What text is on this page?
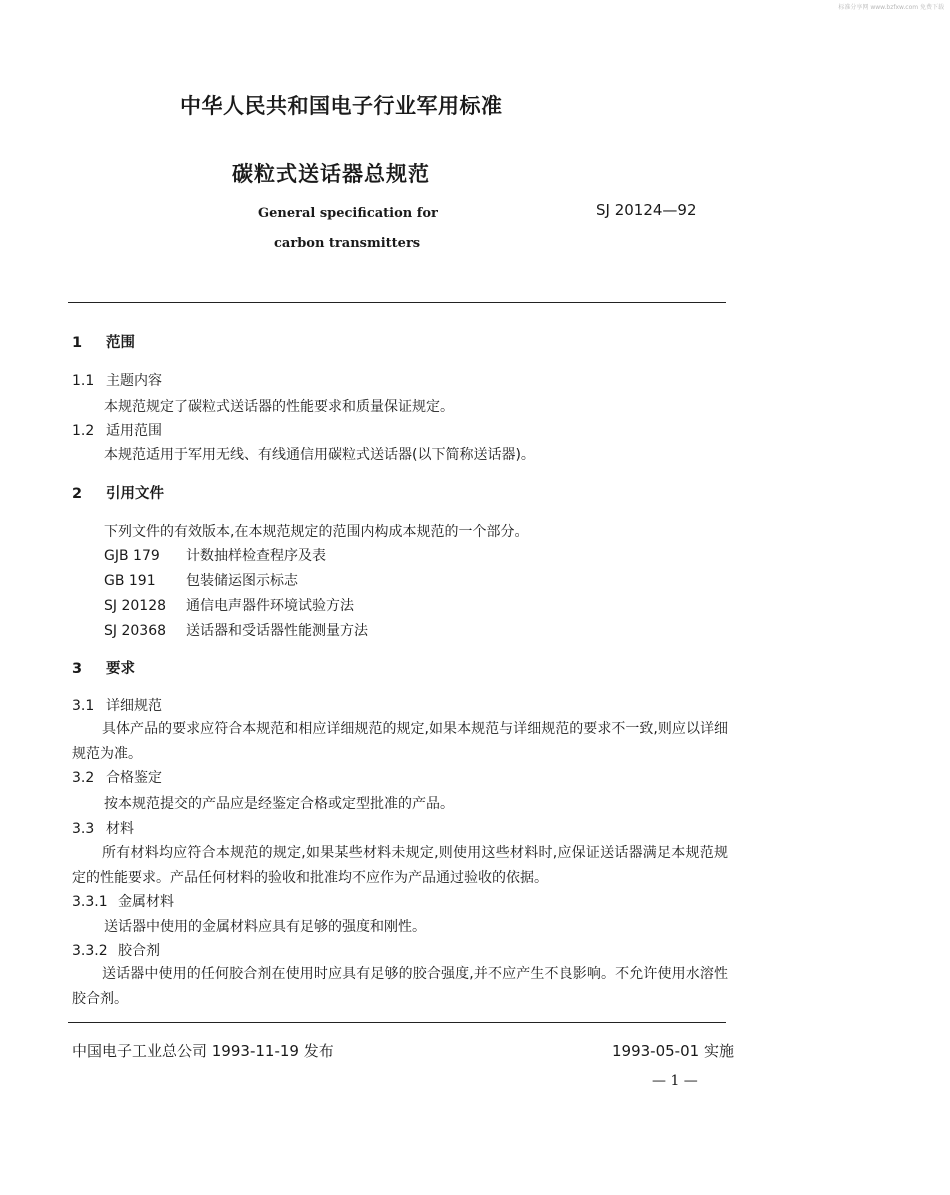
标准分享网 www.bzfxw.com 免费下载
中华人民共和国电子行业军用标准
碳粒式送话器总规范
General specification for
carbon transmitters
SJ 20124—92
1 范围
1.1 主题内容
本规范规定了碳粒式送话器的性能要求和质量保证规定。
1.2 适用范围
本规范适用于军用无线、有线通信用碳粒式送话器(以下简称送话器)。
2 引用文件
下列文件的有效版本,在本规范规定的范围内构成本规范的一个部分。
GJB 179 计数抽样检查程序及表
GB 191 包装储运图示标志
SJ 20128 通信电声器件环境试验方法
SJ 20368 送话器和受话器性能测量方法
3 要求
3.1 详细规范
具体产品的要求应符合本规范和相应详细规范的规定,如果本规范与详细规范的要求不一致,则应以详细规范为准。
3.2 合格鉴定
按本规范提交的产品应是经鉴定合格或定型批准的产品。
3.3 材料
所有材料均应符合本规范的规定,如果某些材料未规定,则使用这些材料时,应保证送话器满足本规范规定的性能要求。产品任何材料的验收和批准均不应作为产品通过验收的依据。
3.3.1 金属材料
送话器中使用的金属材料应具有足够的强度和刚性。
3.3.2 胶合剂
送话器中使用的任何胶合剂在使用时应具有足够的胶合强度,并不应产生不良影响。不允许使用水溶性胶合剂。
中国电子工业总公司 1993-11-19 发布	1993-05-01 实施
— 1 —
